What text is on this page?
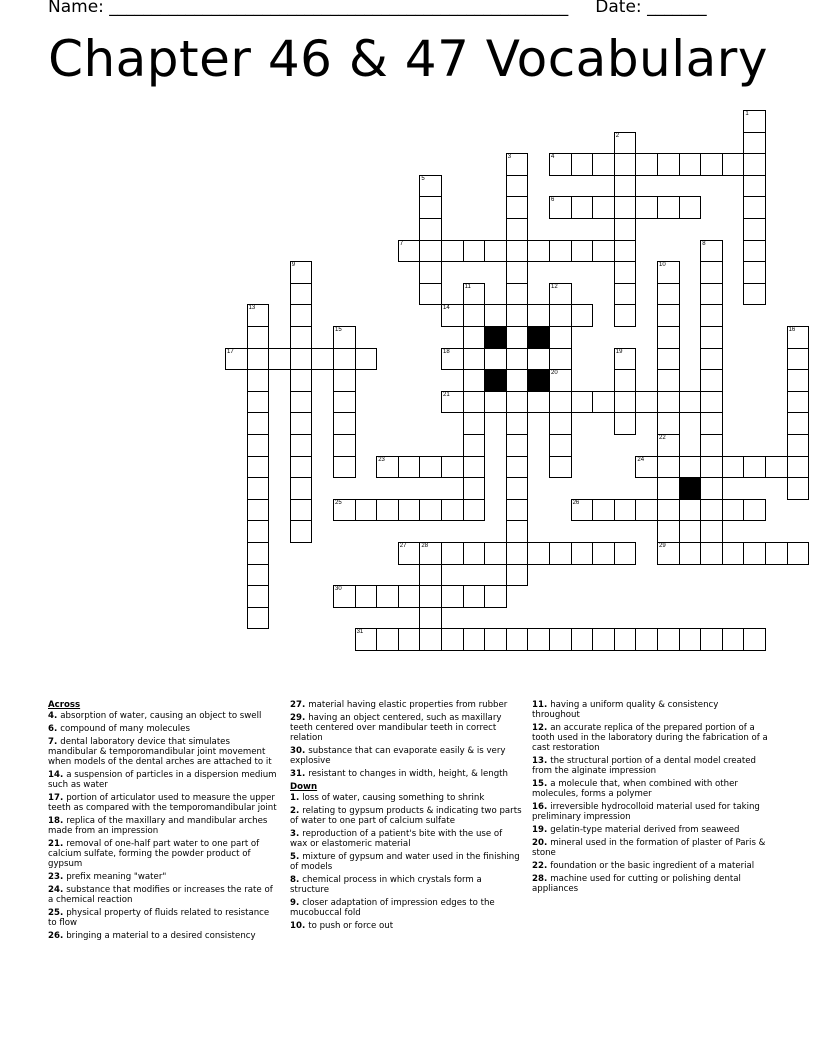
Name: ______________________________________________________     Date: _______
Chapter 46 & 47 Vocabulary
1
2
3	4
5
6
7	8
9	10
22
11	12
20
13	14
15	16
17	18	19
21
29
23	24
25	26
27 28
30
31
Across
4. absorption of water, causing an object to swell
6. compound of many molecules
7. dental laboratory device that simulates mandibular & temporomandibular joint movement when models of the dental arches are attached to it
14. a suspension of particles in a dispersion medium such as water
17. portion of articulator used to measure the upper teeth as compared with the temporomandibular joint
18. replica of the maxillary and mandibular arches made from an impression
21. removal of one-half part water to one part of calcium sulfate, forming the powder product of gypsum
23. prefix meaning "water"
24. substance that modifies or increases the rate of a chemical reaction
25. physical property of fluids related to resistance to flow
26. bringing a material to a desired consistency
27. material having elastic properties from rubber
29. having an object centered, such as maxillary teeth centered over mandibular teeth in correct relation
30. substance that can evaporate easily & is very explosive
31. resistant to changes in width, height, & length
Down
1. loss of water, causing something to shrink
2. relating to gypsum products & indicating two parts of water to one part of calcium sulfate
3. reproduction of a patient's bite with the use of wax or elastomeric material
5. mixture of gypsum and water used in the finishing of models
8. chemical process in which crystals form a structure
9. closer adaptation of impression edges to the mucobuccal fold
10. to push or force out
11. having a uniform quality & consistency throughout
12. an accurate replica of the prepared portion of a tooth used in the laboratory during the fabrication of a cast restoration
13. the structural portion of a dental model created from the alginate impression
15. a molecule that, when combined with other molecules, forms a polymer
16. irreversible hydrocolloid material used for taking preliminary impression
19. gelatin-type material derived from seaweed
20. mineral used in the formation of plaster of Paris & stone
22. foundation or the basic ingredient of a material
28. machine used for cutting or polishing dental appliances
